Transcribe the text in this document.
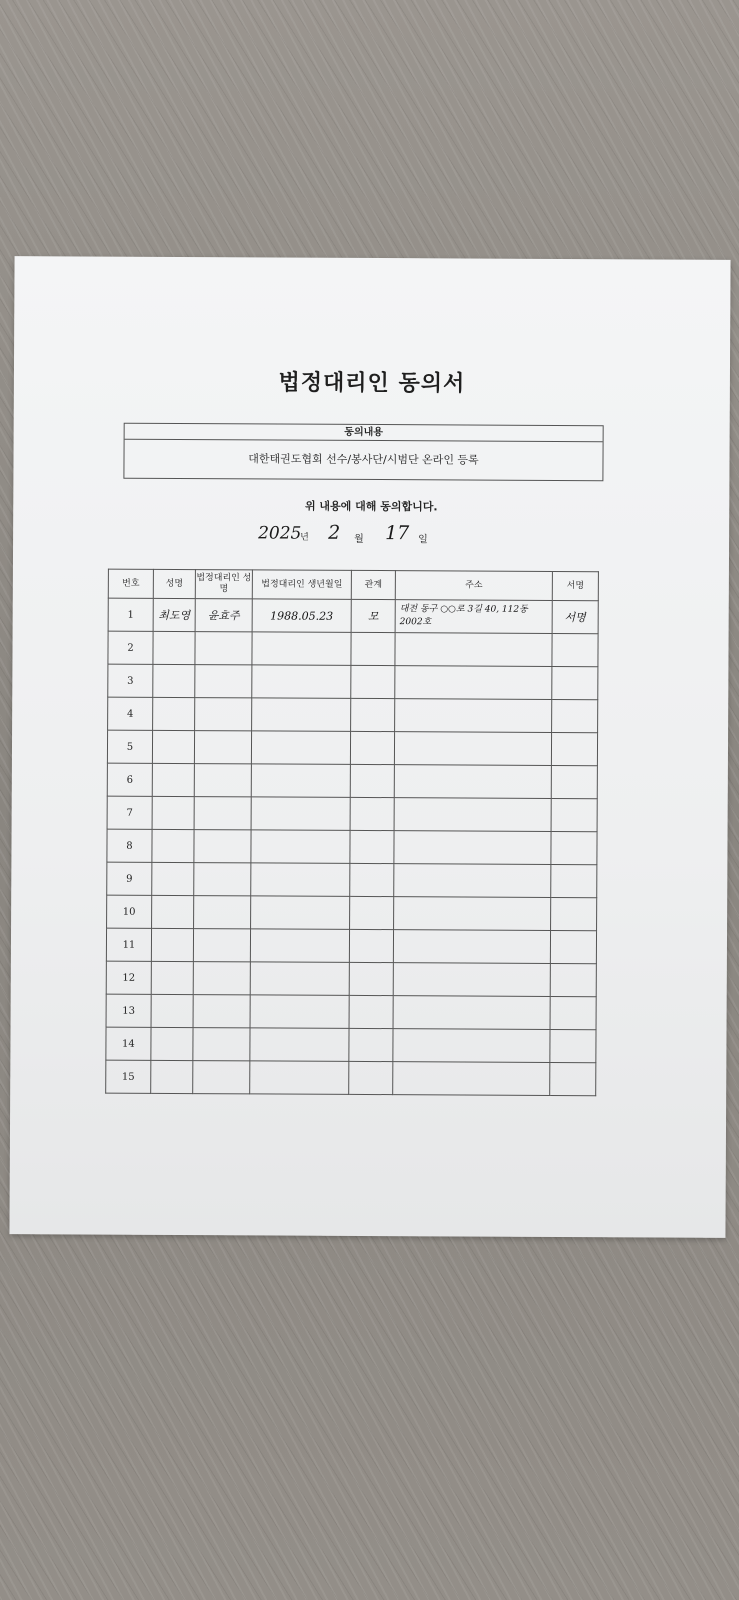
법정대리인 동의서
동의내용
대한태권도협회 선수/봉사단/시범단 온라인 등록
위 내용에 대해 동의합니다.
2025
년 2 월 17 일
번호	성명	법정대리인 성명	법정대리인 생년월일	관계	주소	서명
1	최도영	윤효주	1988.05.23	모	대전 동구 ○○로 3길 40, 112동 2002호	서명
2						
3						
4						
5						
6						
7						
8						
9						
10						
11						
12						
13						
14						
15						
